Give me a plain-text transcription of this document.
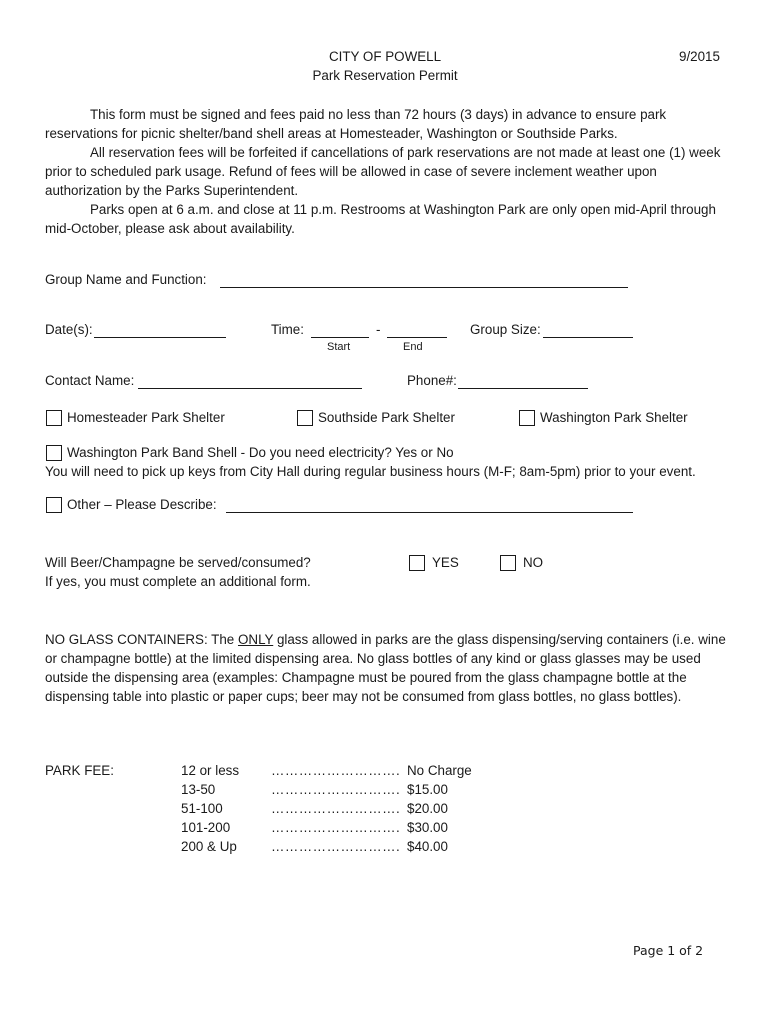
CITY OF POWELL	9/2015
Park Reservation Permit

This form must be signed and fees paid no less than 72 hours (3 days) in advance to ensure park reservations for picnic shelter/band shell areas at Homesteader, Washington or Southside Parks.

All reservation fees will be forfeited if cancellations of park reservations are not made at least one (1) week prior to scheduled park usage. Refund of fees will be allowed in case of severe inclement weather upon authorization by the Parks Superintendent.

Parks open at 6 a.m. and close at 11 p.m. Restrooms at Washington Park are only open mid-April through mid-October, please ask about availability.

Group Name and Function:
Date(s):	Time:	-
Start	End
Group Size:
Contact Name:	Phone#:
Homesteader Park Shelter	Southside Park Shelter	Washington Park Shelter
Washington Park Band Shell - Do you need electricity? Yes or No
You will need to pick up keys from City Hall during regular business hours (M-F; 8am-5pm) prior to your event.
Other – Please Describe:
Will Beer/Champagne be served/consumed?
If yes, you must complete an additional form.
YES	NO
NO GLASS CONTAINERS: The ONLY glass allowed in parks are the glass dispensing/serving containers (i.e. wine or champagne bottle) at the limited dispensing area. No glass bottles of any kind or glass glasses may be used outside the dispensing area (examples: Champagne must be poured from the glass champagne bottle at the dispensing table into plastic or paper cups; beer may not be consumed from glass bottles, no glass bottles).
PARK FEE:	12 or less ………………………. No Charge
13-50	………………………. $15.00
51-100	………………………. $20.00
101-200	………………………. $30.00
200 & Up	………………………. $40.00
Page 1 of 2
